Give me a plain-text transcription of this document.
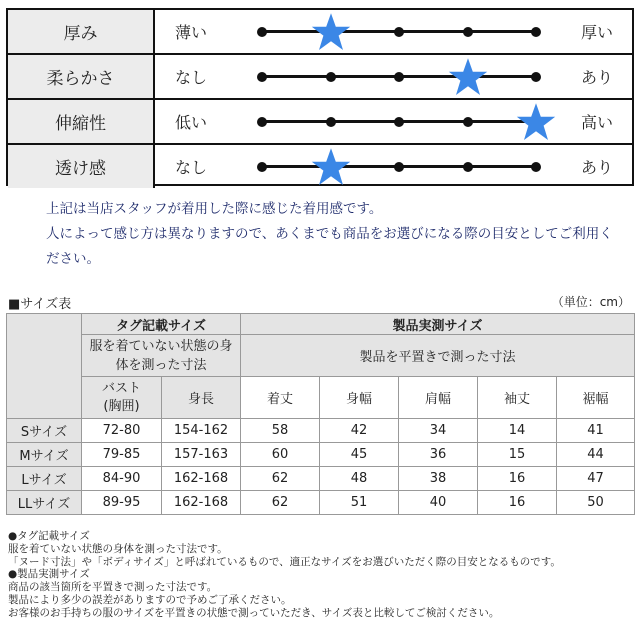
厚み	薄い	厚い
柔らかさ	なし	あり
伸縮性	低い	高い
透け感	なし	あり
上記は当店スタッフが着用した際に感じた着用感です。
人によって感じ方は異なりますので、あくまでも商品をお選びになる際の目安としてご利用ください。
■サイズ表	（単位：cm）
	タグ記載サイズ		製品実測サイズ				
	服を着ていない状態の身体を測った寸法		製品を平置きで測った寸法				
	バスト(胸囲)	身長	着丈	身幅	肩幅	袖丈	裾幅
Sサイズ	72-80	154-162	58	42	34	14	41
Mサイズ	79-85	157-163	60	45	36	15	44
Lサイズ	84-90	162-168	62	48	38	16	47
LLサイズ	89-95	162-168	62	51	40	16	50
●タグ記載サイズ
服を着ていない状態の身体を測った寸法です。
「ヌード寸法」や「ボディサイズ」と呼ばれているもので、適正なサイズをお選びいただく際の目安となるものです。
●製品実測サイズ
商品の該当箇所を平置きで測った寸法です。
製品により多少の誤差がありますので予めご了承ください。
お客様のお手持ちの服のサイズを平置きの状態で測っていただき、サイズ表と比較してご検討ください。
